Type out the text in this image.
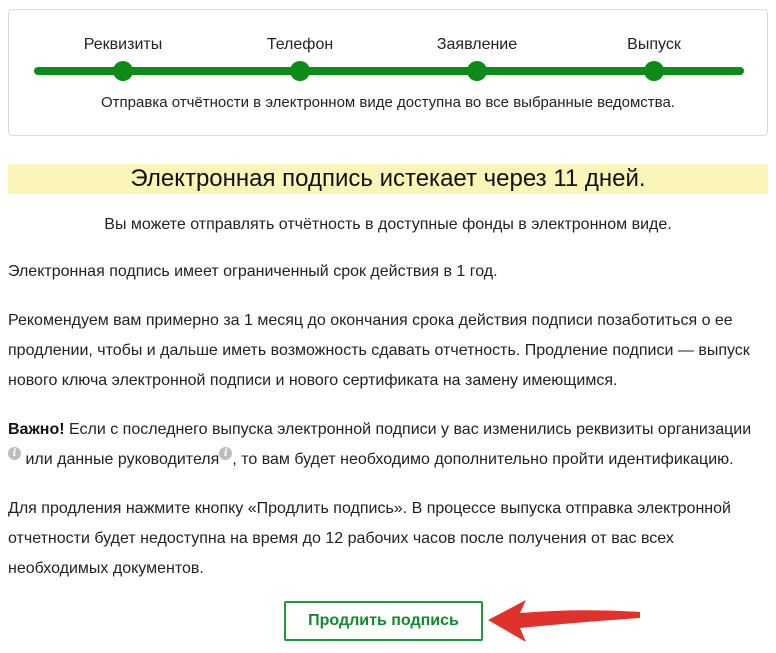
Реквизиты	Телефон	Заявление	Выпуск
Отправка отчётности в электронном виде доступна во все выбранные ведомства.
Электронная подпись истекает через 11 дней.
Вы можете отправлять отчётность в доступные фонды в электронном виде.
Электронная подпись имеет ограниченный срок действия в 1 год.
Рекомендуем вам примерно за 1 месяц до окончания срока действия подписи позаботиться о ее продлении, чтобы и дальше иметь возможность сдавать отчетность. Продление подписи — выпуск нового ключа электронной подписи и нового сертификата на замену имеющимся.
Важно! Если с последнего выпуска электронной подписи у вас изменились реквизиты организации i или данные руководителя i , то вам будет необходимо дополнительно пройти идентификацию.
Для продления нажмите кнопку «Продлить подпись». В процессе выпуска отправка электронной отчетности будет недоступна на время до 12 рабочих часов после получения от вас всех необходимых документов.
Продлить подпись
